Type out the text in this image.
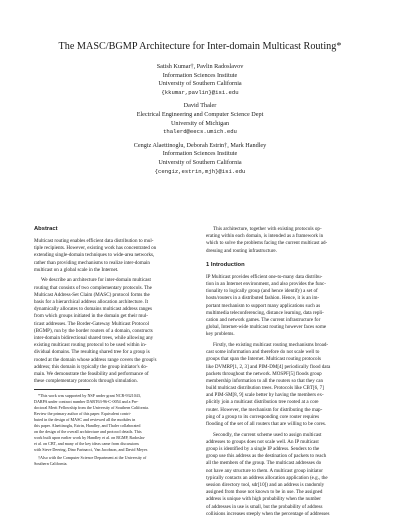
The MASC/BGMP Architecture for Inter-domain Multicast Routing*
Satish Kumar†, Pavlin Radoslavov
Information Sciences Institute
University of Southern California
{kkumar,pavlin}@isi.edu
David Thaler
Electrical Engineering and Computer Science Dept
University of Michigan
thalerd@eecs.umich.edu
Cengiz Alaettinoglu, Deborah Estrin†, Mark Handley
Information Sciences Institute
University of Southern California
{cengiz,estrin,mjh}@isi.edu
Abstract
Multicast routing enables efficient data distribution to mul-
tiple recipients. However, existing work has concentrated on
extending single-domain techniques to wide-area networks,
rather than providing mechanisms to realize inter-domain
multicast on a global scale in the Internet.
We describe an architecture for inter-domain multicast
routing that consists of two complementary protocols. The
Multicast Address-Set Claim (MASC) protocol forms the
basis for a hierarchical address allocation architecture. It
dynamically allocates to domains multicast address ranges
from which groups initiated in the domain get their mul-
ticast addresses. The Border-Gateway Multicast Protocol
(BGMP), run by the border routers of a domain, constructs
inter-domain bidirectional shared trees, while allowing any
existing multicast routing protocol to be used within in-
dividual domains. The resulting shared tree for a group is
rooted at the domain whose address range covers the group's
address; this domain is typically the group initiator's do-
main. We demonstrate the feasibility and performance of
these complementary protocols through simulation.
*This work was supported by NSF under grant NCR-9321043,
DARPA under contract number DABT63-96-C-0054 and a Pre-
doctoral Merit Fellowship from the University of Southern California.
Review the primary author of this paper. Equivalent contri-
buted in the design of MASC and reviewed all the modules in
this paper. Alaettinoglu, Estrin, Handley, and Thaler collaborated
on the design of the overall architecture and protocol details. This
work built upon earlier work by Handley et al. on BGMP, Radoslav
et al. on CBT, and many of the key ideas came from discussions
with Steve Deering, Dino Farinacci, Van Jacobson, and David Meyer.
†Also with the Computer Science Department at the University of
Southern California.
This architecture, together with existing protocols op-
erating within each domain, is intended as a framework in
which to solve the problems facing the current multicast ad-
dressing and routing infrastructure.
1 Introduction
IP Multicast provides efficient one-to-many data distribu-
tion in an Internet environment, and also provides the func-
tionality to logically group (and hence identify) a set of
hosts/routers in a distributed fashion. Hence, it is an im-
portant mechanism to support many applications such as
multimedia teleconferencing, distance learning, data repli-
cation and network games. The current infrastructure for
global, Internet-wide multicast routing however faces some
key problems.
Firstly, the existing multicast routing mechanisms broad-
cast some information and therefore do not scale well to
groups that span the Internet. Multicast routing protocols
like DVMRP[1, 2, 3] and PIM-DM[4] periodically flood data
packets throughout the network. MOSPF[5] floods group
membership information to all the routers so that they can
build multicast distribution trees. Protocols like CBT[6, 7]
and PIM-SM[8, 9] scale better by having the members ex-
plicitly join a multicast distribution tree rooted at a core
router. However, the mechanism for distributing the map-
ping of a group to its corresponding core router requires
flooding of the set of all routers that are willing to be cores.
Secondly, the current scheme used to assign multicast
addresses to groups does not scale well. An IP multicast
group is identified by a single IP address. Senders to the
group use this address as the destination of packets to reach
all the members of the group. The multicast addresses do
not have any structure to them. A multicast group initiator
typically contacts an address allocation application (e.g., the
session directory tool, sdr[10]) and an address is randomly
assigned from those not known to be in use. The assigned
address is unique with high probability when the number
of addresses in use is small, but the probability of address
collisions increases steeply when the percentage of addresses
